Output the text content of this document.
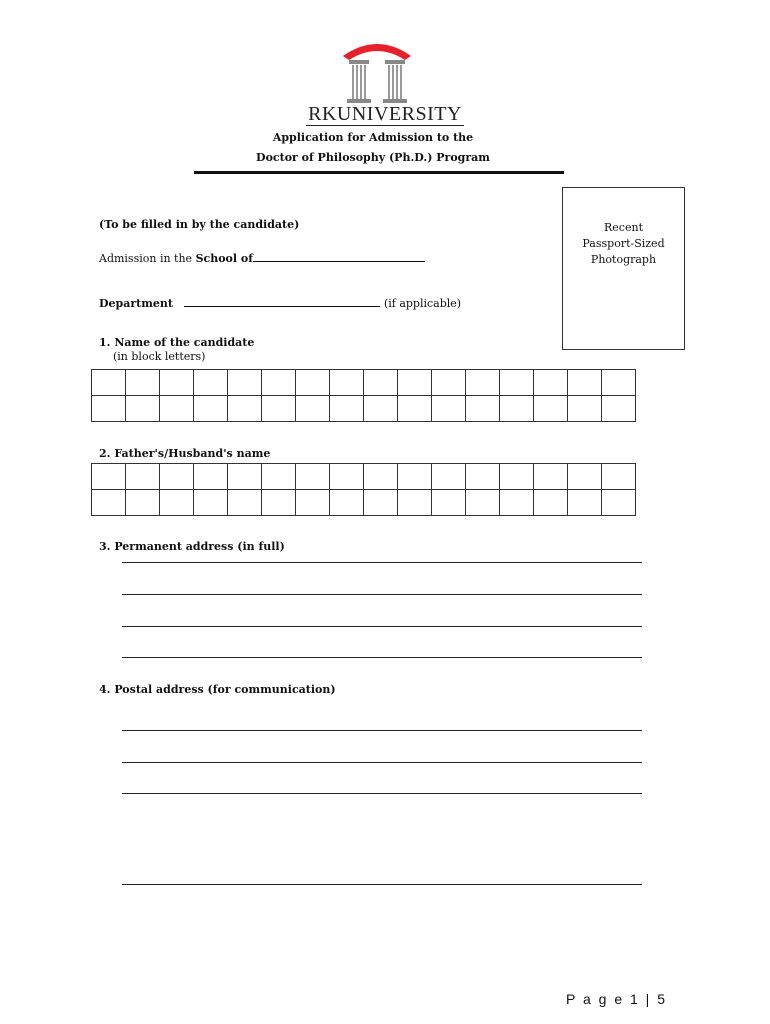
RKUNIVERSITY
Application for Admission to the
Doctor of Philosophy (Ph.D.) Program
Recent
Passport-Sized
Photograph
(To be filled in by the candidate)
Admission in the School of
Department	(if applicable)
1. Name of the candidate
(in block letters)

2. Father's/Husband's name

3. Permanent address (in full)
4. Postal address (for communication)
P a g e 1 | 5
